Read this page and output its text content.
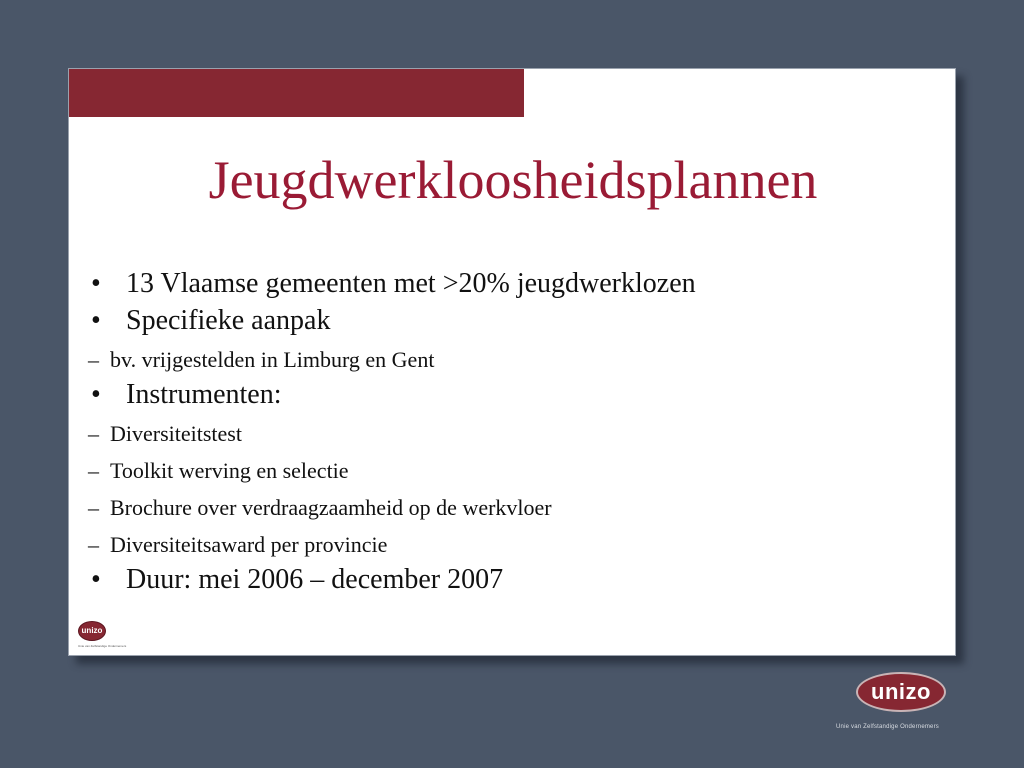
Jeugdwerkloosheidsplannen
• 13 Vlaamse gemeenten met >20% jeugdwerklozen
• Specifieke aanpak
– bv. vrijgestelden in Limburg en Gent
• Instrumenten:
– Diversiteitstest
– Toolkit werving en selectie
– Brochure over verdraagzaamheid op de werkvloer
– Diversiteitsaward per provincie
• Duur: mei 2006 – december 2007
unizo
Unie van Zelfstandige Ondernemers
unizo
Unie van Zelfstandige Ondernemers
